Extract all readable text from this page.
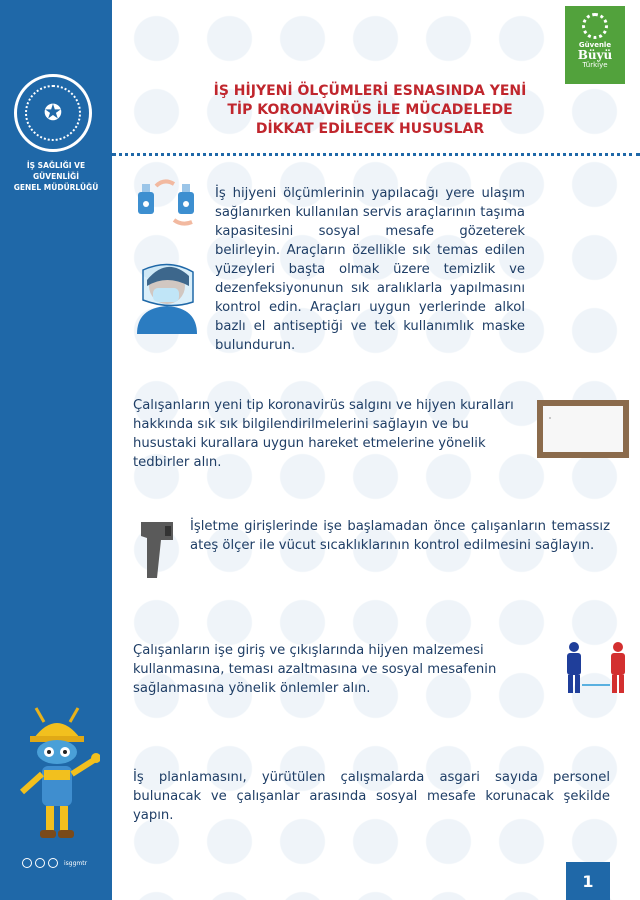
✪
İŞ SAĞLIĞI VE GÜVENLİĞİ
GENEL MÜDÜRLÜĞÜ
isggmtr
Güvenle
Büyü
Türkiye
İŞ HİJYENİ ÖLÇÜMLERİ ESNASINDA YENİ TİP KORONAVİRÜS İLE MÜCADELEDE DİKKAT EDİLECEK HUSUSLAR

İş hijyeni ölçümlerinin yapılacağı yere ulaşım sağlanırken kullanılan servis araçlarının taşıma kapasitesini sosyal mesafe gözeterek belirleyin. Araçların özellikle sık temas edilen yüzeyleri başta olmak üzere temizlik ve dezenfeksiyonunun sık aralıklarla yapılmasını kontrol edin. Araçları uygun yerlerinde alkol bazlı el antiseptiği ve tek kullanımlık maske bulundurun.

Çalışanların yeni tip koronavirüs salgını ve hijyen kuralları hakkında sık sık bilgilendirilmelerini sağlayın ve bu husustaki kurallara uygun hareket etmelerine yönelik tedbirler alın.

İşletme girişlerinde işe başlamadan önce çalışanların temassız ateş ölçer ile vücut sıcaklıklarının kontrol edilmesini sağlayın.

Çalışanların işe giriş ve çıkışlarında hijyen malzemesi kullanmasına, teması azaltmasına ve sosyal mesafenin sağlanmasına yönelik önlemler alın.

İş planlamasını, yürütülen çalışmalarda asgari sayıda personel bulunacak ve çalışanlar arasında sosyal mesafe korunacak şekilde yapın.

1
